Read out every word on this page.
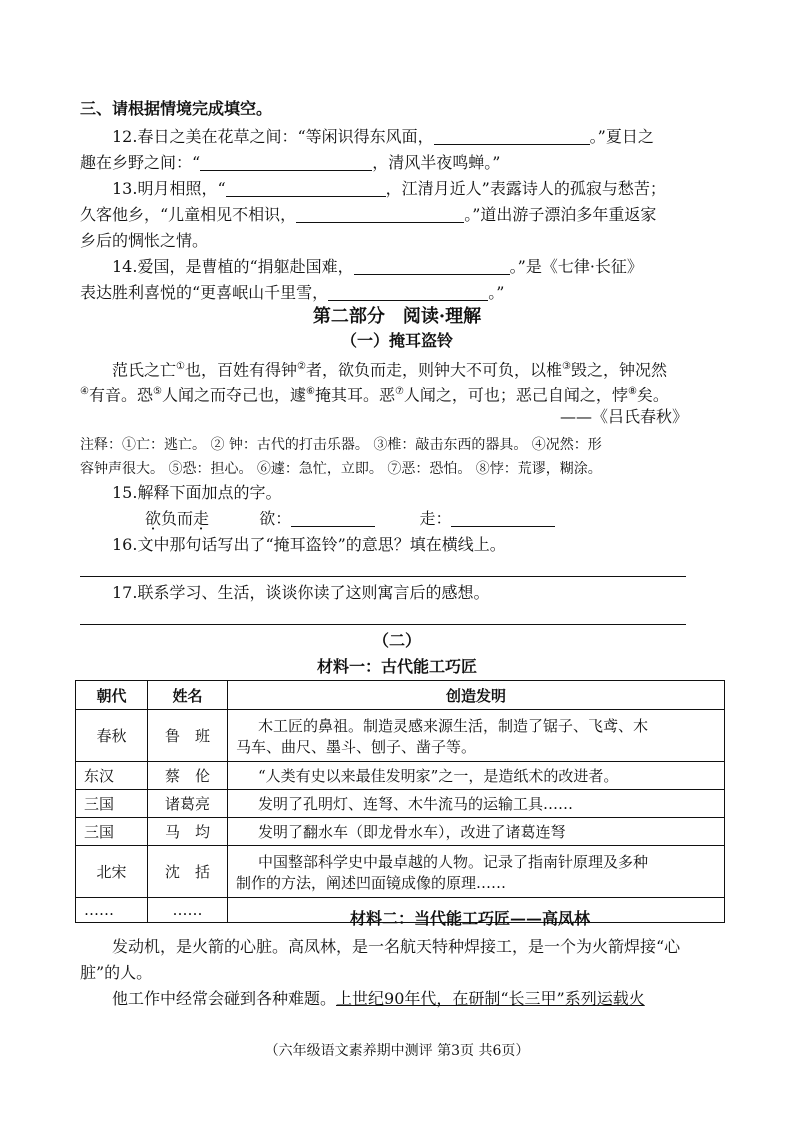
三、请根据情境完成填空。
12.春日之美在花草之间：“等闲识得东风面，	。”夏日之
趣在乡野之间：“	，清风半夜鸣蝉。”
13.明月相照，“	，江清月近人”表露诗人的孤寂与愁苦；
久客他乡，“儿童相见不相识，	。”道出游子漂泊多年重返家
乡后的惆怅之情。
14.爱国，是曹植的“捐躯赴国难，	。”是《七律·长征》
表达胜利喜悦的“更喜岷山千里雪，	。”
第二部分　阅读·理解
（一）掩耳盗铃
范氏之亡①也，百姓有得钟②者，欲负而走，则钟大不可负，以椎③毁之，钟况然
④有音。恐⑤人闻之而夺己也，遽⑥掩其耳。恶⑦人闻之，可也；恶己自闻之，悖⑧矣。
——《吕氏春秋》
注释：①亡：逃亡。 ② 钟：古代的打击乐器。 ③椎：敲击东西的器具。 ④况然：形
容钟声很大。 ⑤恐：担心。 ⑥遽：急忙，立即。 ⑦恶：恐怕。 ⑧悖：荒谬，糊涂。
15.解释下面加点的字。
欲负而走	欲：	走：
16.文中那句话写出了“掩耳盗铃”的意思？填在横线上。
17.联系学习、生活，谈谈你读了这则寓言后的感想。
（二）
材料一：古代能工巧匠
朝代	姓名	创造发明
春秋	鲁　班	木工匠的鼻祖。制造灵感来源生活，制造了锯子、飞鸢、木
马车、曲尺、墨斗、刨子、凿子等。

东汉	蔡　伦	“人类有史以来最佳发明家”之一，是造纸术的改进者。

三国	诸葛亮	发明了孔明灯、连弩、木牛流马的运输工具……

三国	马　均	发明了翻水车（即龙骨水车），改进了诸葛连弩

北宋	沈　括	中国整部科学史中最卓越的人物。记录了指南针原理及多种
制作的方法，阐述凹面镜成像的原理……

……	……		材料二：当代能工巧匠——高凤林
发动机，是火箭的心脏。高凤林，是一名航天特种焊接工，是一个为火箭焊接“心
脏”的人。
他工作中经常会碰到各种难题。上世纪90年代，在研制“长三甲”系列运载火
（六年级语文素养期中测评 第3页 共6页）
